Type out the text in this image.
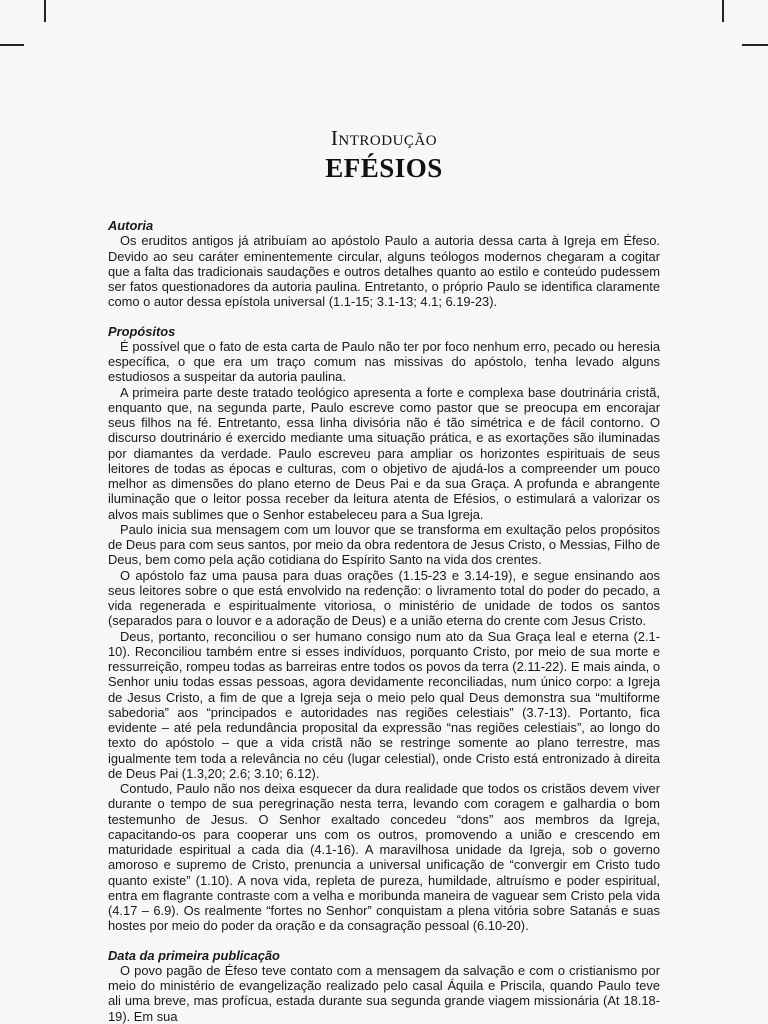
Introdução
EFÉSIOS
Autoria

Os eruditos antigos já atribuíam ao apóstolo Paulo a autoria dessa carta à Igreja em Éfeso. Devido ao seu caráter eminentemente circular, alguns teólogos modernos chegaram a cogitar que a falta das tradicionais saudações e outros detalhes quanto ao estilo e conteúdo pudessem ser fatos questionadores da autoria paulina. Entretanto, o próprio Paulo se identifica claramente como o autor dessa epístola universal (1.1-15; 3.1-13; 4.1; 6.19-23).

Propósitos

É possível que o fato de esta carta de Paulo não ter por foco nenhum erro, pecado ou heresia específica, o que era um traço comum nas missivas do apóstolo, tenha levado alguns estudiosos a suspeitar da autoria paulina.

A primeira parte deste tratado teológico apresenta a forte e complexa base doutrinária cristã, enquanto que, na segunda parte, Paulo escreve como pastor que se preocupa em encorajar seus filhos na fé. Entretanto, essa linha divisória não é tão simétrica e de fácil contorno. O discurso doutrinário é exercido mediante uma situação prática, e as exortações são iluminadas por diamantes da verdade. Paulo escreveu para ampliar os horizontes espirituais de seus leitores de todas as épocas e culturas, com o objetivo de ajudá-los a compreender um pouco melhor as dimensões do plano eterno de Deus Pai e da sua Graça. A profunda e abrangente iluminação que o leitor possa receber da leitura atenta de Efésios, o estimulará a valorizar os alvos mais sublimes que o Senhor estabeleceu para a Sua Igreja.

Paulo inicia sua mensagem com um louvor que se transforma em exultação pelos propósitos de Deus para com seus santos, por meio da obra redentora de Jesus Cristo, o Messias, Filho de Deus, bem como pela ação cotidiana do Espírito Santo na vida dos crentes.

O apóstolo faz uma pausa para duas orações (1.15-23 e 3.14-19), e segue ensinando aos seus leitores sobre o que está envolvido na redenção: o livramento total do poder do pecado, a vida regenerada e espiritualmente vitoriosa, o ministério de unidade de todos os santos (separados para o louvor e a adoração de Deus) e a união eterna do crente com Jesus Cristo.

Deus, portanto, reconciliou o ser humano consigo num ato da Sua Graça leal e eterna (2.1-10). Reconciliou também entre si esses indivíduos, porquanto Cristo, por meio de sua morte e ressurreição, rompeu todas as barreiras entre todos os povos da terra (2.11-22). E mais ainda, o Senhor uniu todas essas pessoas, agora devidamente reconciliadas, num único corpo: a Igreja de Jesus Cristo, a fim de que a Igreja seja o meio pelo qual Deus demonstra sua “multiforme sabedoria” aos “principados e autoridades nas regiões celestiais” (3.7-13). Portanto, fica evidente – até pela redundância proposital da expressão “nas regiões celestiais”, ao longo do texto do apóstolo – que a vida cristã não se restringe somente ao plano terrestre, mas igualmente tem toda a relevância no céu (lugar celestial), onde Cristo está entronizado à direita de Deus Pai (1.3,20; 2.6; 3.10; 6.12).

Contudo, Paulo não nos deixa esquecer da dura realidade que todos os cristãos devem viver durante o tempo de sua peregrinação nesta terra, levando com coragem e galhardia o bom testemunho de Jesus. O Senhor exaltado concedeu “dons” aos membros da Igreja, capacitando-os para cooperar uns com os outros, promovendo a união e crescendo em maturidade espiritual a cada dia (4.1-16). A maravilhosa unidade da Igreja, sob o governo amoroso e supremo de Cristo, prenuncia a universal unificação de “convergir em Cristo tudo quanto existe” (1.10). A nova vida, repleta de pureza, humildade, altruísmo e poder espiritual, entra em flagrante contraste com a velha e moribunda maneira de vaguear sem Cristo pela vida (4.17 – 6.9). Os realmente “fortes no Senhor” conquistam a plena vitória sobre Satanás e suas hostes por meio do poder da oração e da consagração pessoal (6.10-20).

Data da primeira publicação

O povo pagão de Éfeso teve contato com a mensagem da salvação e com o cristianismo por meio do ministério de evangelização realizado pelo casal Áquila e Priscila, quando Paulo teve ali uma breve, mas profícua, estada durante sua segunda grande viagem missionária (At 18.18-19). Em sua
